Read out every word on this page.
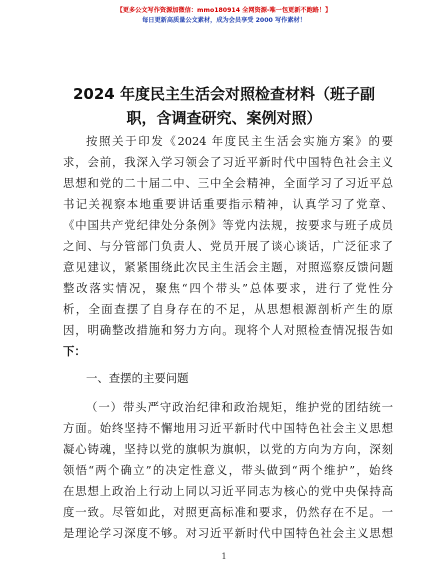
【更多公文写作资源加微信：mmo180914 全网资源-唯一包更新不跑路！】
每日更新高质量公文素材，成为会员享受 2000 写作素材！
2024 年度民主生活会对照检查材料（班子副
职，含调查研究、案例对照）
按照关于印发《2024 年度民主生活会实施方案》的要
求，会前，我深入学习领会了习近平新时代中国特色社会主义
思想和党的二十届二中、三中全会精神，全面学习了习近平总
书记关视察本地重要讲话重要指示精神，认真学习了党章、
《中国共产党纪律处分条例》等党内法规，按要求与班子成员
之间、与分管部门负责人、党员开展了谈心谈话，广泛征求了
意见建议，紧紧围绕此次民主生活会主题，对照巡察反馈问题
整改落实情况，聚焦“四个带头”总体要求，进行了党性分
析，全面查摆了自身存在的不足，从思想根源剖析产生的原
因，明确整改措施和努力方向。现将个人对照检查情况报告如
下：
一、查摆的主要问题
（一）带头严守政治纪律和政治规矩，维护党的团结统一
方面。始终坚持不懈地用习近平新时代中国特色社会主义思想
凝心铸魂，坚持以党的旗帜为旗帜，以党的方向为方向，深刻
领悟“两个确立”的决定性意义，带头做到“两个维护”，始终
在思想上政治上行动上同以习近平同志为核心的党中央保持高
度一致。尽管如此，对照更高标准和要求，仍然存在不足。一
是理论学习深度不够。对习近平新时代中国特色社会主义思想
1
